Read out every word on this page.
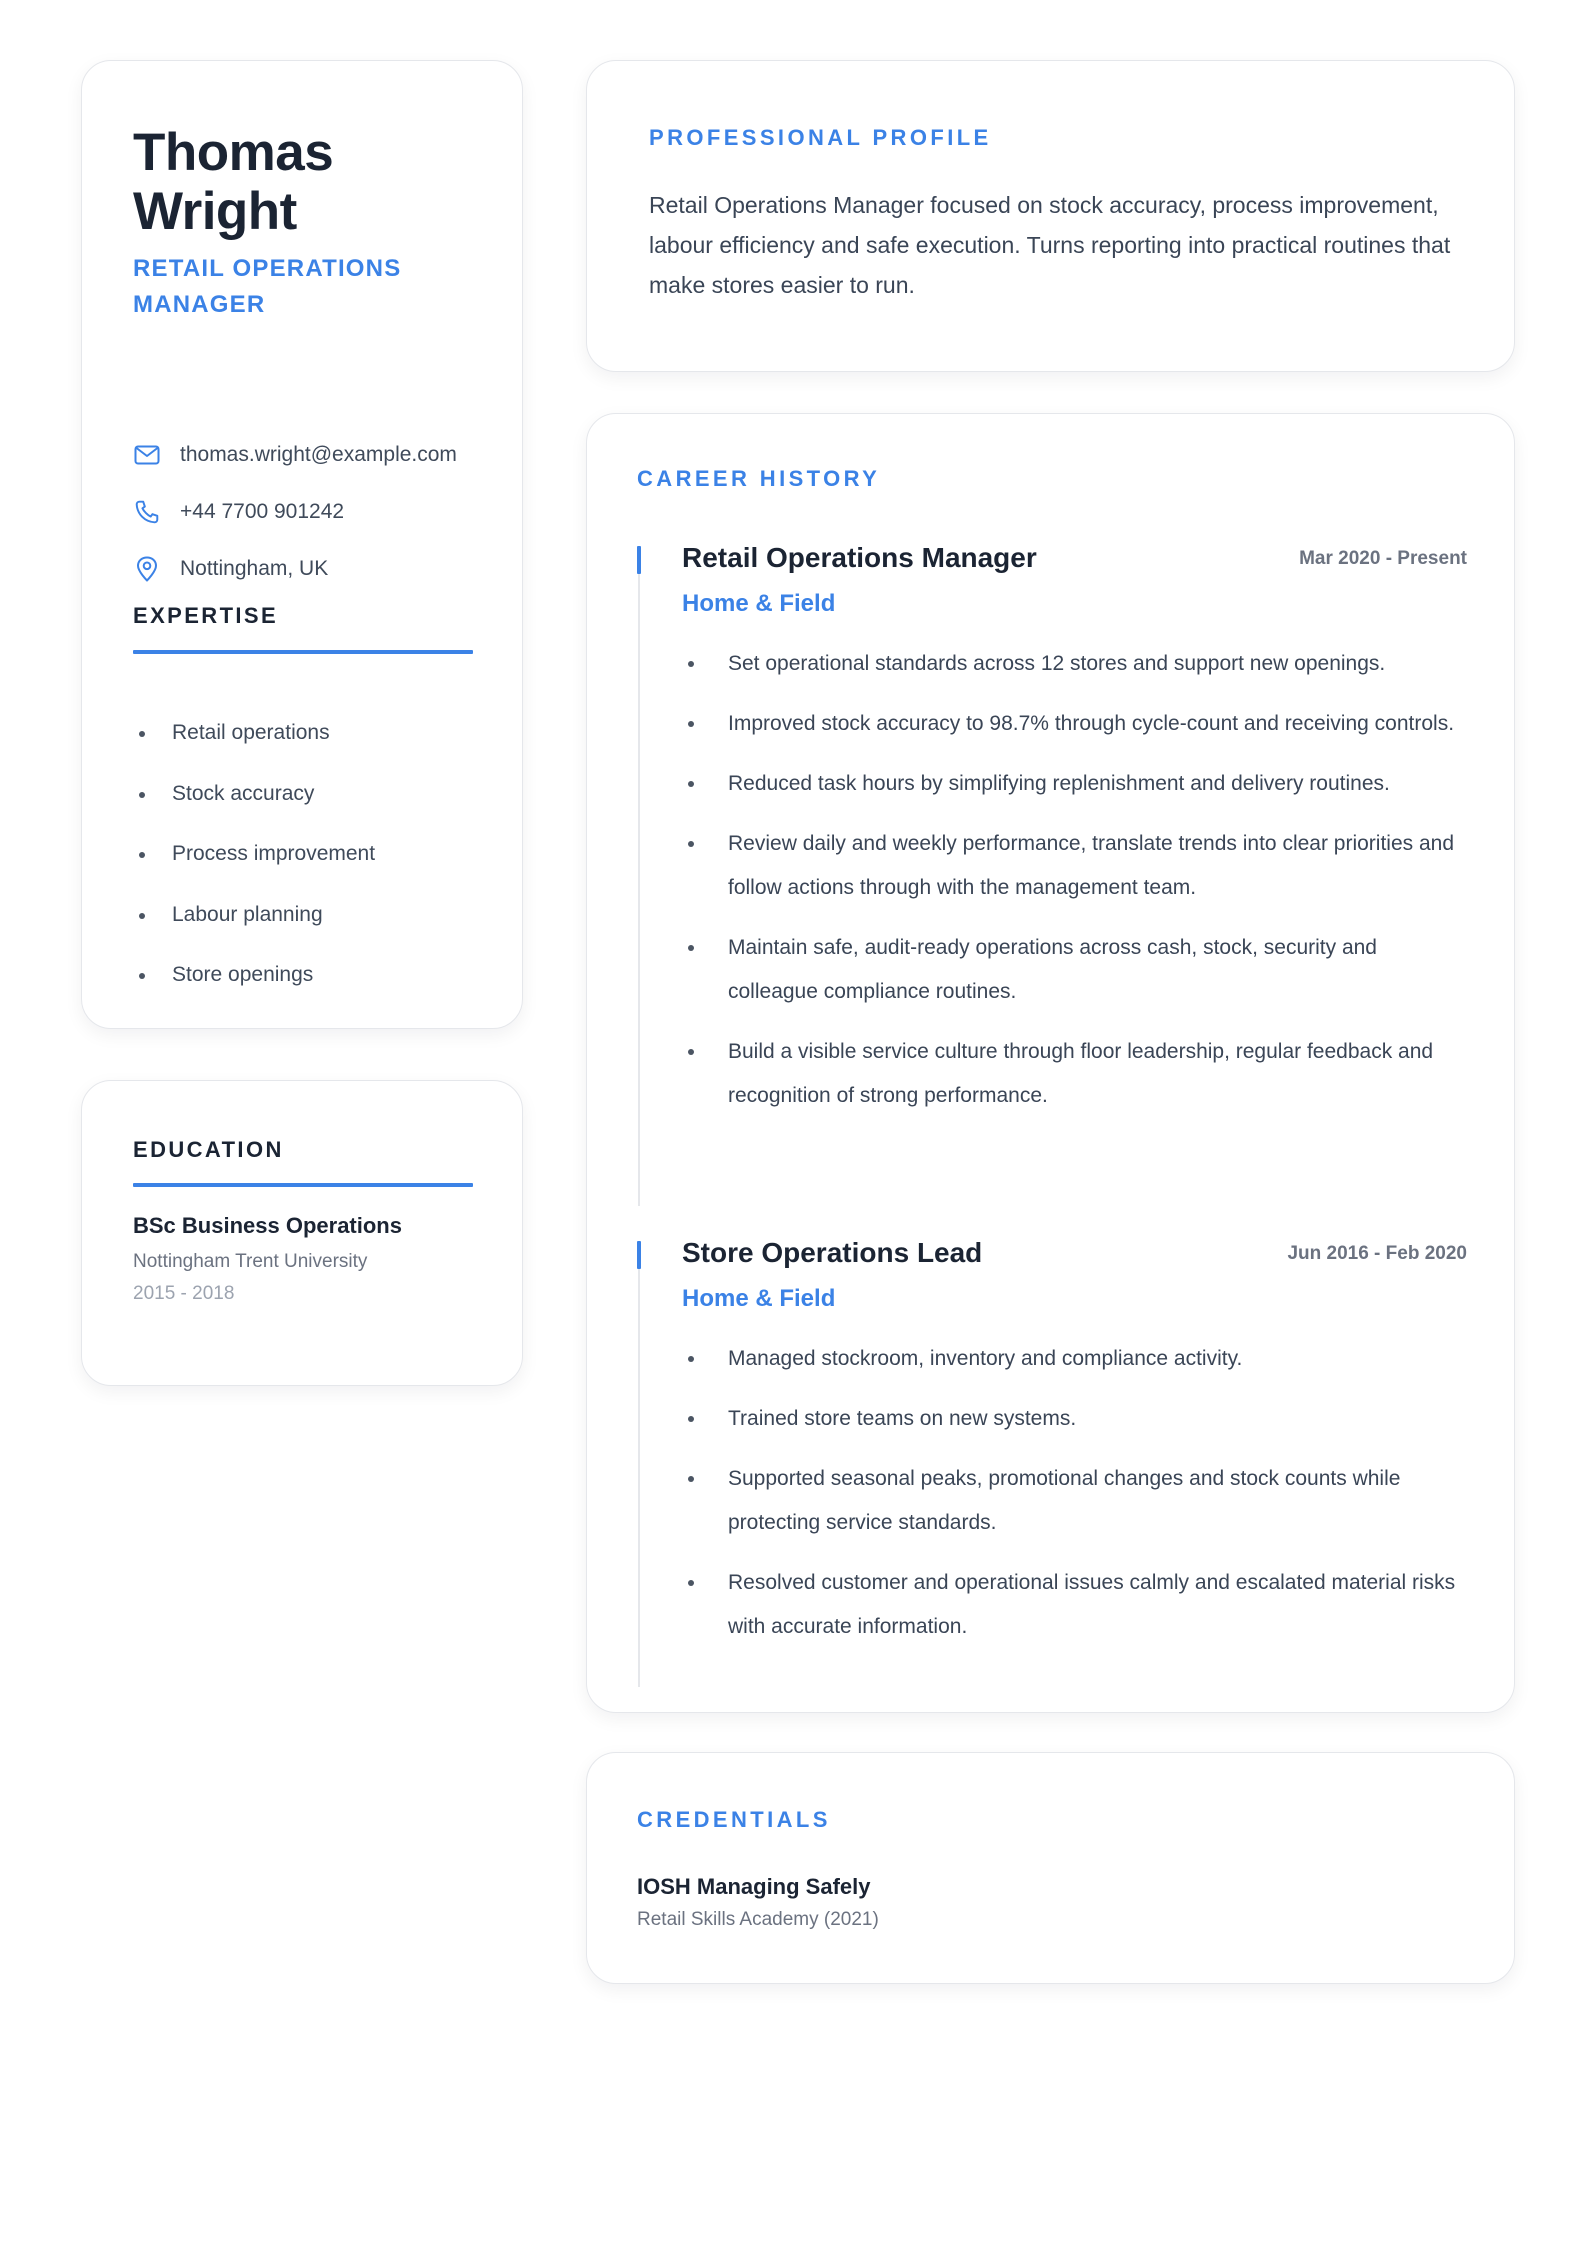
Thomas Wright
RETAIL OPERATIONS MANAGER
thomas.wright@example.com
+44 7700 901242
Nottingham, UK
EXPERTISE
Retail operations
Stock accuracy
Process improvement
Labour planning
Store openings
EDUCATION
BSc Business Operations
Nottingham Trent University
2015 - 2018
PROFESSIONAL PROFILE

Retail Operations Manager focused on stock accuracy, process improvement, labour efficiency and safe execution. Turns reporting into practical routines that make stores easier to run.

CAREER HISTORY
Retail Operations Manager	Mar 2020 - Present
Home & Field
Set operational standards across 12 stores and support new openings.
Improved stock accuracy to 98.7% through cycle-count and receiving controls.
Reduced task hours by simplifying replenishment and delivery routines.
Review daily and weekly performance, translate trends into clear priorities and follow actions through with the management team.
Maintain safe, audit-ready operations across cash, stock, security and colleague compliance routines.
Build a visible service culture through floor leadership, regular feedback and recognition of strong performance.
Store Operations Lead	Jun 2016 - Feb 2020
Home & Field
Managed stockroom, inventory and compliance activity.
Trained store teams on new systems.
Supported seasonal peaks, promotional changes and stock counts while protecting service standards.
Resolved customer and operational issues calmly and escalated material risks with accurate information.
CREDENTIALS
IOSH Managing Safely
Retail Skills Academy (2021)
